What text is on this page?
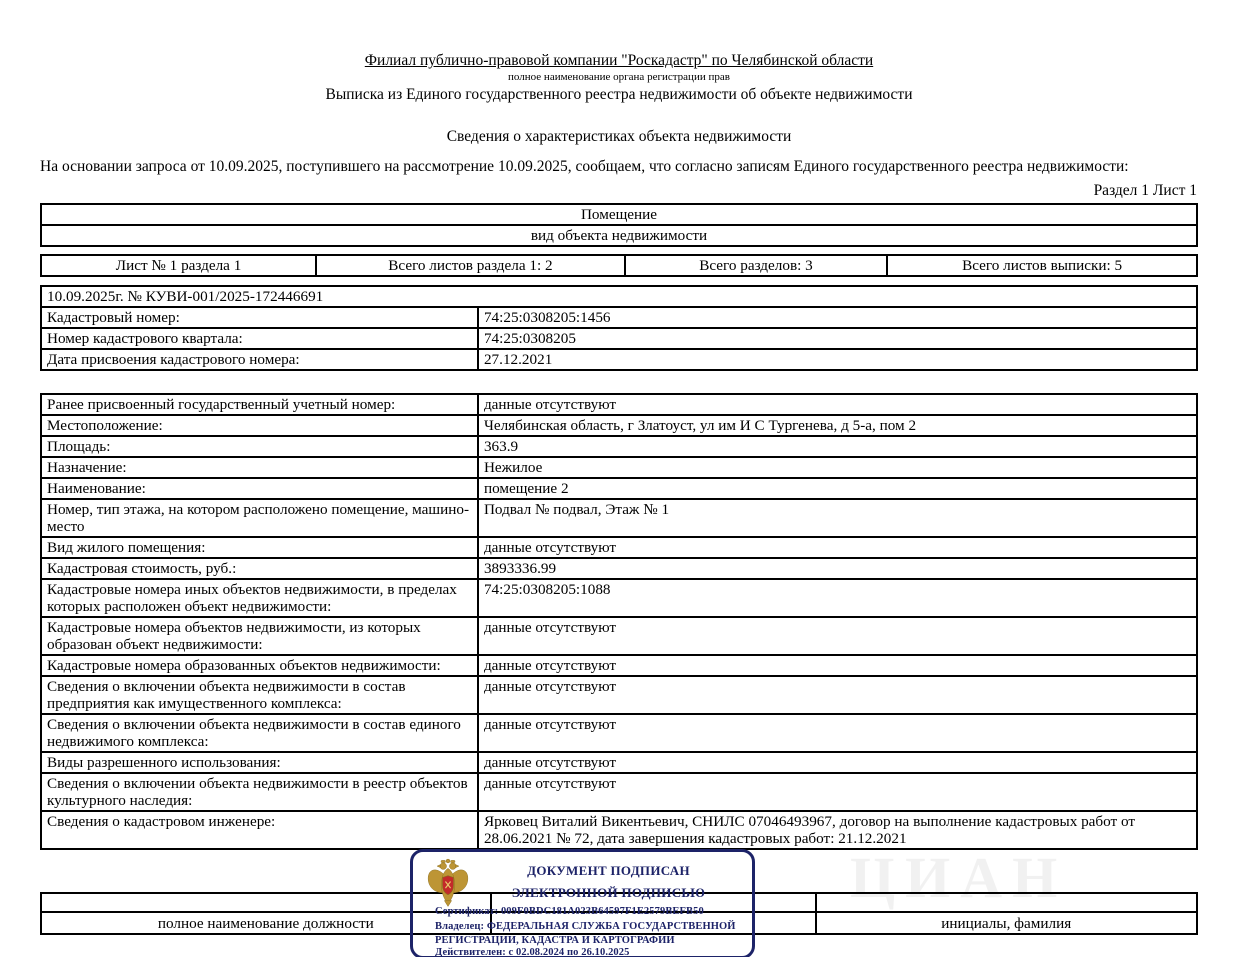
Филиал публично-правовой компании "Роскадастр" по Челябинской области
полное наименование органа регистрации прав
Выписка из Единого государственного реестра недвижимости об объекте недвижимости
Сведения о характеристиках объекта недвижимости
На основании запроса от 10.09.2025, поступившего на рассмотрение 10.09.2025, сообщаем, что согласно записям Единого государственного реестра недвижимости:
Раздел 1 Лист 1
Помещение
вид объекта недвижимости
Лист № 1 раздела 1	Всего листов раздела 1: 2	Всего разделов: 3	Всего листов выписки: 5
10.09.2025г. № КУВИ-001/2025-172446691	
Кадастровый номер:	74:25:0308205:1456
Номер кадастрового квартала:	74:25:0308205
Дата присвоения кадастрового номера:	27.12.2021
Ранее присвоенный государственный учетный номер:	данные отсутствуют
Местоположение:	Челябинская область, г Златоуст, ул им И С Тургенева, д 5-а, пом 2
Площадь:	363.9
Назначение:	Нежилое
Наименование:	помещение 2
Номер, тип этажа, на котором расположено помещение, машино-место	Подвал № подвал, Этаж № 1
Вид жилого помещения:	данные отсутствуют
Кадастровая стоимость, руб.:	3893336.99
Кадастровые номера иных объектов недвижимости, в пределах которых расположен объект недвижимости:	74:25:0308205:1088
Кадастровые номера объектов недвижимости, из которых образован объект недвижимости:	данные отсутствуют
Кадастровые номера образованных объектов недвижимости:	данные отсутствуют
Сведения о включении объекта недвижимости в состав предприятия как имущественного комплекса:	данные отсутствуют
Сведения о включении объекта недвижимости в состав единого недвижимого комплекса:	данные отсутствуют
Виды разрешенного использования:	данные отсутствуют
Сведения о включении объекта недвижимости в реестр объектов культурного наследия:	данные отсутствуют
Сведения о кадастровом инженере:	Ярковец Виталий Викентьевич, СНИЛС 07046493967, договор на выполнение кадастровых работ от 28.06.2021 № 72, дата завершения кадастровых работ: 21.12.2021
ЦИАН

полное наименование должности		инициалы, фамилия
ДОКУМЕНТ ПОДПИСАН
ЭЛЕКТРОННОЙ ПОДПИСЬЮ
Сертификат: 009F0BDC181A023B64597F1E2579BEFB50
Владелец: ФЕДЕРАЛЬНАЯ СЛУЖБА ГОСУДАРСТВЕННОЙ
РЕГИСТРАЦИИ, КАДАСТРА И КАРТОГРАФИИ
Действителен: с 02.08.2024 по 26.10.2025
